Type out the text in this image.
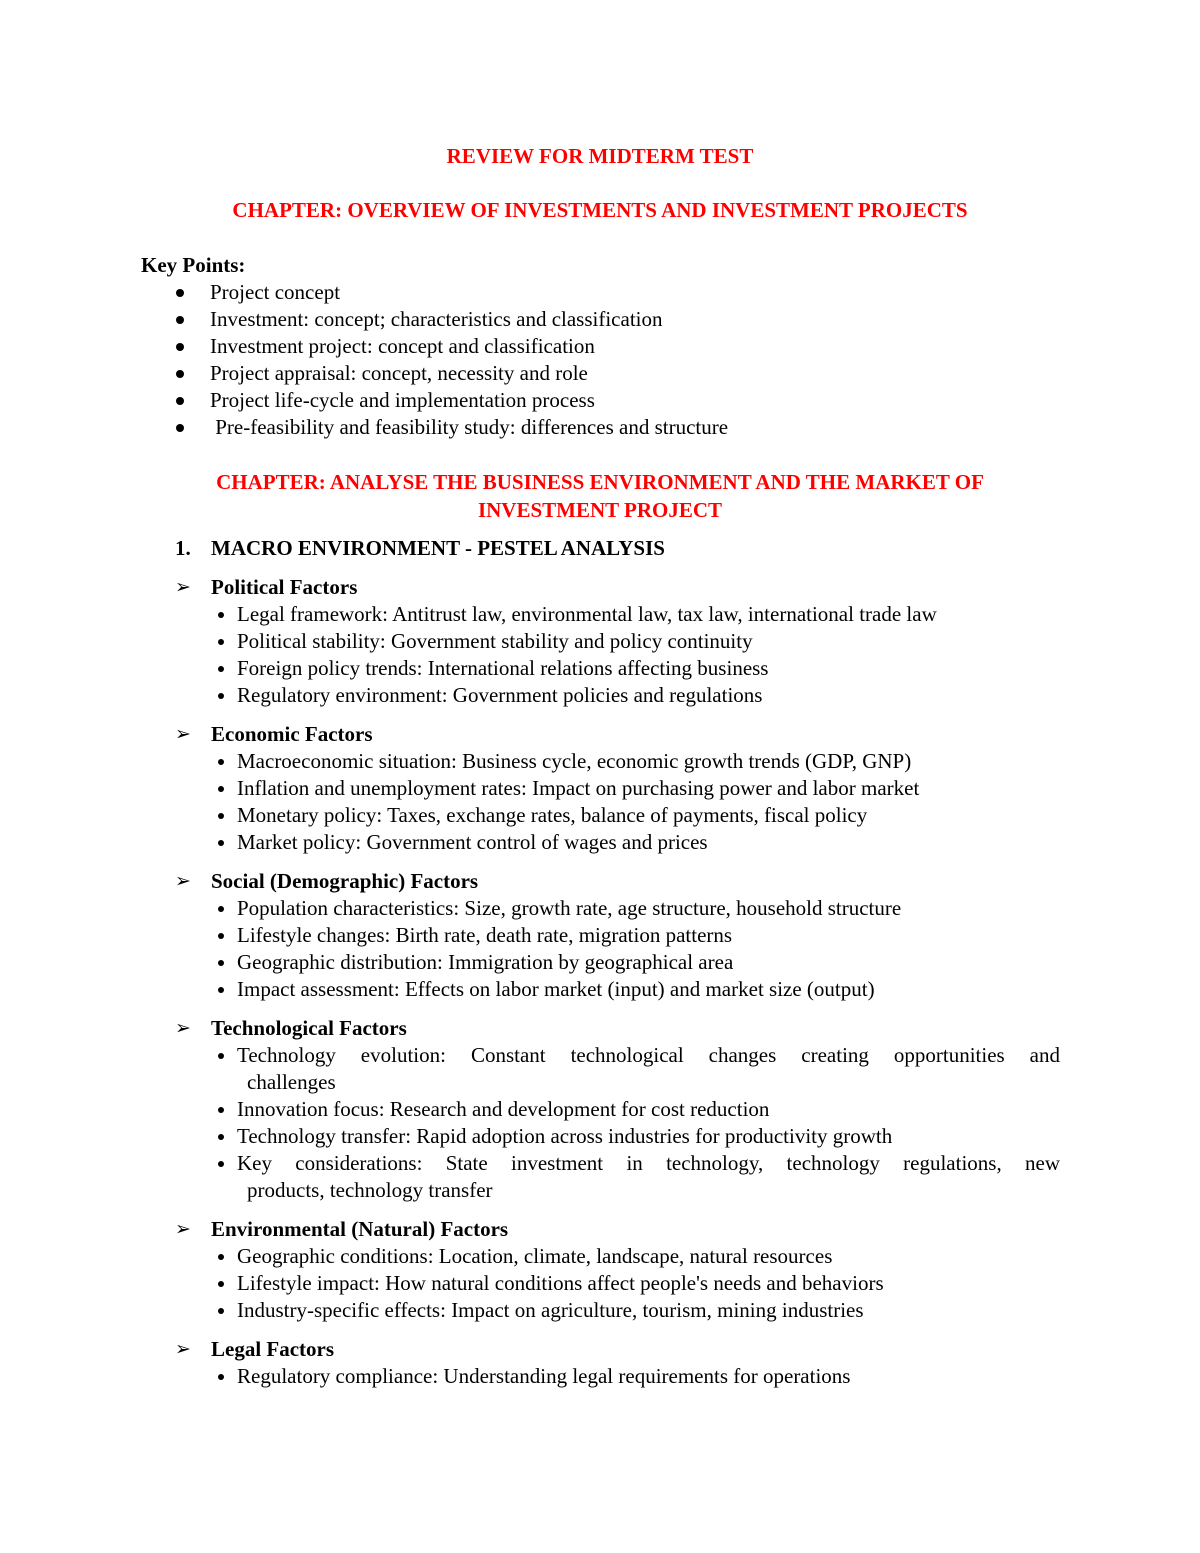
REVIEW FOR MIDTERM TEST
CHAPTER: OVERVIEW OF INVESTMENTS AND INVESTMENT PROJECTS

Key Points:

Project concept
Investment: concept; characteristics and classification
Investment project: concept and classification
Project appraisal: concept, necessity and role
Project life-cycle and implementation process
Pre-feasibility and feasibility study: differences and structure
CHAPTER: ANALYSE THE BUSINESS ENVIRONMENT AND THE MARKET OF
INVESTMENT PROJECT

1. MACRO ENVIRONMENT - PESTEL ANALYSIS

➢ Political Factors
Legal framework: Antitrust law, environmental law, tax law, international trade law
Political stability: Government stability and policy continuity
Foreign policy trends: International relations affecting business
Regulatory environment: Government policies and regulations
➢ Economic Factors
Macroeconomic situation: Business cycle, economic growth trends (GDP, GNP)
Inflation and unemployment rates: Impact on purchasing power and labor market
Monetary policy: Taxes, exchange rates, balance of payments, fiscal policy
Market policy: Government control of wages and prices
➢ Social (Demographic) Factors
Population characteristics: Size, growth rate, age structure, household structure
Lifestyle changes: Birth rate, death rate, migration patterns
Geographic distribution: Immigration by geographical area
Impact assessment: Effects on labor market (input) and market size (output)
➢ Technological Factors
Technology evolution: Constant technological changes creating opportunities and
challenges
Innovation focus: Research and development for cost reduction
Technology transfer: Rapid adoption across industries for productivity growth
Key considerations: State investment in technology, technology regulations, new
products, technology transfer
➢ Environmental (Natural) Factors
Geographic conditions: Location, climate, landscape, natural resources
Lifestyle impact: How natural conditions affect people's needs and behaviors
Industry-specific effects: Impact on agriculture, tourism, mining industries
➢ Legal Factors
Regulatory compliance: Understanding legal requirements for operations
